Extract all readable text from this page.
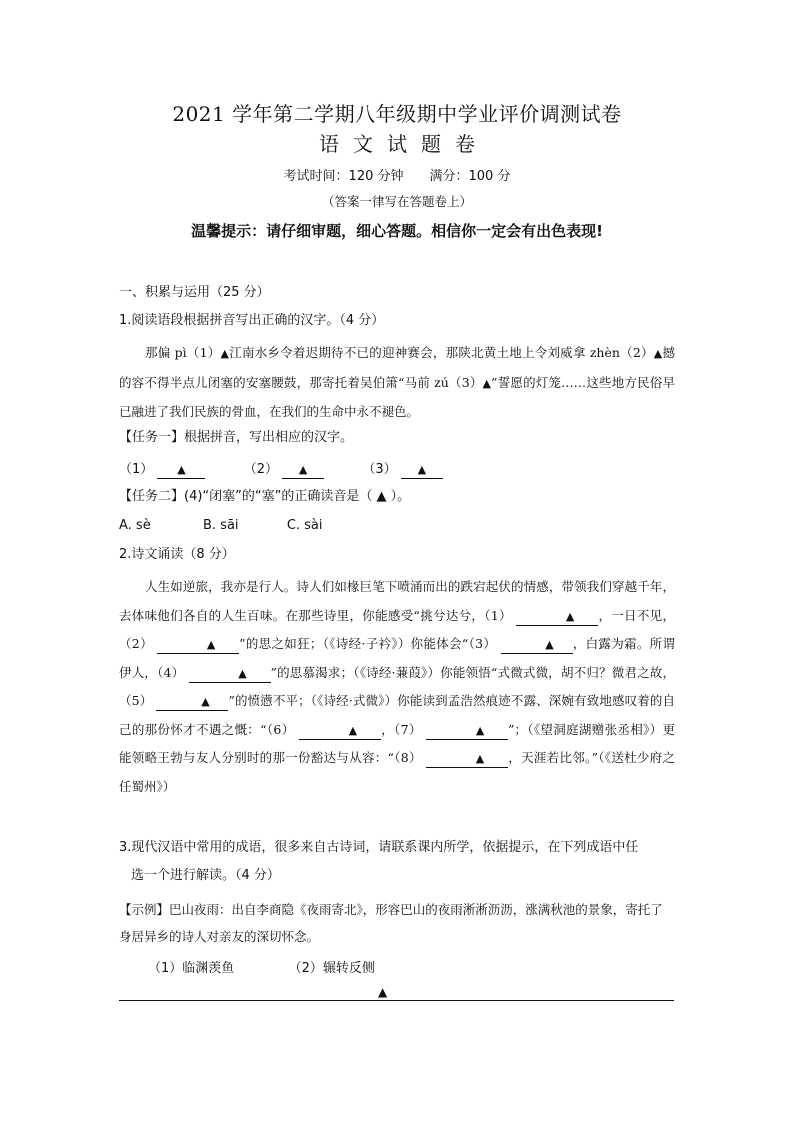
2021 学年第二学期八年级期中学业评价调测试卷
语文试题卷
考试时间：120 分钟　　满分：100 分
（答案一律写在答题卷上）
温馨提示：请仔细审题，细心答题。相信你一定会有出色表现!
一、积累与运用（25 分）
1.阅读语段根据拼音写出正确的汉字。（4 分）
那偏 pì（1）▲江南水乡令着迟期待不已的迎神赛会，那陕北黄土地上令刘威拿 zhèn（2）▲撼的容不得半点儿闭塞的安塞腰鼓，那寄托着吴伯箫“马前 zú（3）▲”誓愿的灯笼……这些地方民俗早已融进了我们民族的骨血，在我们的生命中永不褪色。
【任务一】根据拼音，写出相应的汉字。
（1） ▲	（2） ▲	（3） ▲
【任务二】(4)“闭塞”的“塞”的正确读音是（ ▲ ）。
A. sè	B. sāi	C. sài
2.诗文诵读（8 分）
人生如逆旅，我亦是行人。诗人们如椽巨笔下喷涌而出的跌宕起伏的情感，带领我们穿越千年，去体味他们各自的人生百味。在那些诗里，你能感受“挑兮达兮，（1）	▲ ，一日不见，（2）	▲ ”的思之如狂；（《诗经·子衿》）你能体会“（3）	▲ ，白露为霜。所谓伊人，（4）	▲ ”的思慕渴求；（《诗经·蒹葭》）你能领悟“式微式微，胡不归？微君之故，（5）	▲ ”的愤懑不平；（《诗经·式微》）你能读到孟浩然痕迹不露、深婉有致地感叹着的自己的那份怀才不遇之慨：“（6）	▲ ，（7）	▲ ”；（《望洞庭湖赠张丞相》）更能领略王勃与友人分别时的那一份豁达与从容：“（8）	▲ ，天涯若比邻。”（《送杜少府之任蜀州》）
3.现代汉语中常用的成语，很多来自古诗词，请联系课内所学，依据提示，在下列成语中任
选一个进行解读。（4 分）
【示例】巴山夜雨：出自李商隐《夜雨寄北》，形容巴山的夜雨淅淅沥沥，涨满秋池的景象，寄托了身居异乡的诗人对亲友的深切怀念。
（1）临渊羡鱼	（2）辗转反侧
▲
